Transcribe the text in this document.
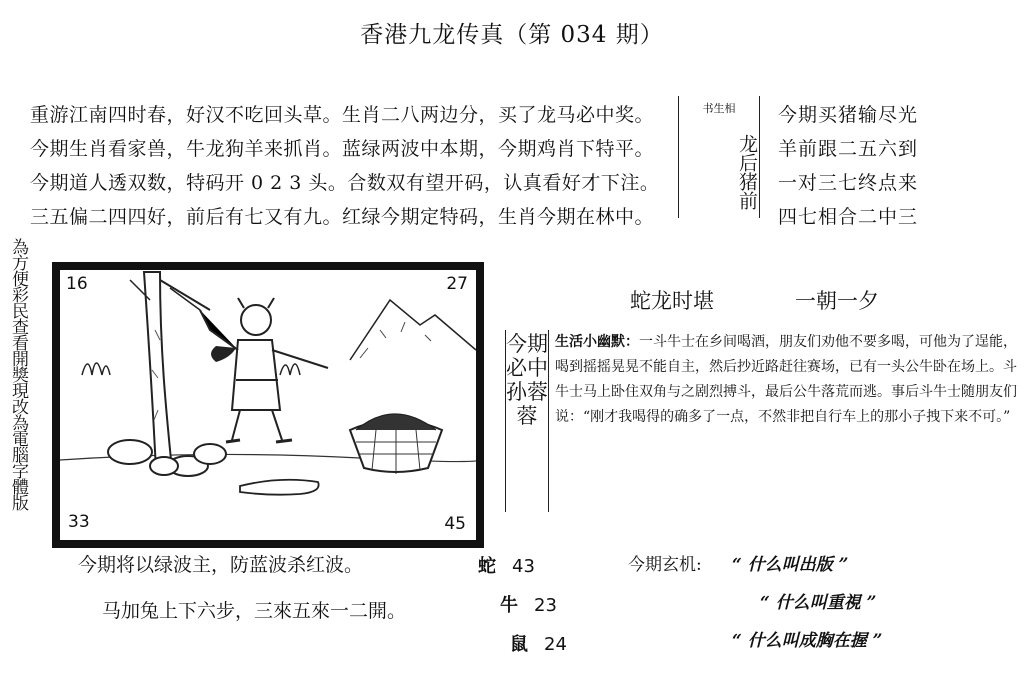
香港九龙传真（第 034 期）
重游江南四时春，好汉不吃回头草。生肖二八两边分，买了龙马必中奖。
今期生肖看家兽，牛龙狗羊来抓肖。蓝绿两波中本期，今期鸡肖下特平。
今期道人透双数，特码开 0 2 3 头。合数双有望开码，认真看好才下注。
三五偏二四四好，前后有七又有九。红绿今期定特码，生肖今期在林中。
书生相
龙后猪前
今期买猪输尽光
羊前跟二五六到
一对三七终点来
四七相合二中三
為方便彩民查看開獎現改為電腦字體版 16	27
33	45
蛇龙时堪	一朝一夕
今期必中 孙蓉蓉
生活小幽默：一斗牛士在乡间喝酒，朋友们劝他不要多喝，可他为了逞能，喝到摇摇晃晃不能自主，然后抄近路赶往赛场，已有一头公牛卧在场上。斗牛士马上卧住双角与之剧烈搏斗，最后公牛落荒而逃。事后斗牛士随朋友们说：“刚才我喝得的确多了一点，不然非把自行车上的那小子拽下来不可。”
今期将以绿波主，防蓝波杀红波。
马加兔上下六步，三來五來一二開。
蛇 43
牛 23
鼠 24
今期玄机: “ 什么叫出版 ”
“ 什么叫重視 ”
“ 什么叫成胸在握 ”
